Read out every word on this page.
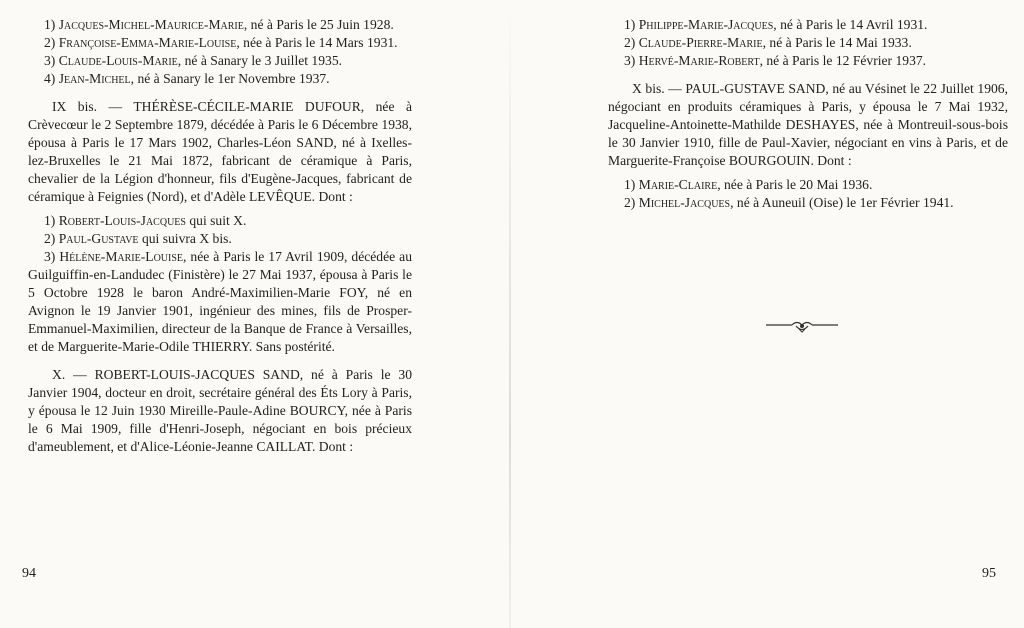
1) Jacques-Michel-Maurice-Marie, né à Paris le 25 Juin 1928.

2) Françoise-Emma-Marie-Louise, née à Paris le 14 Mars 1931.

3) Claude-Louis-Marie, né à Sanary le 3 Juillet 1935.

4) Jean-Michel, né à Sanary le 1er Novembre 1937.

IX bis. — THÉRÈSE-CÉCILE-MARIE DUFOUR, née à Crèvecœur le 2 Septembre 1879, décédée à Paris le 6 Décembre 1938, épousa à Paris le 17 Mars 1902, Charles-Léon SAND, né à Ixelles-lez-Bruxelles le 21 Mai 1872, fabricant de céramique à Paris, chevalier de la Légion d'honneur, fils d'Eugène-Jacques, fabricant de céramique à Feignies (Nord), et d'Adèle LEVÊQUE. Dont :

1) Robert-Louis-Jacques qui suit X.

2) Paul-Gustave qui suivra X bis.

3) Hélène-Marie-Louise, née à Paris le 17 Avril 1909, décédée au Guilguiffin-en-Landudec (Finistère) le 27 Mai 1937, épousa à Paris le 5 Octobre 1928 le baron André-Maximilien-Marie FOY, né en Avignon le 19 Janvier 1901, ingénieur des mines, fils de Prosper-Emmanuel-Maximilien, directeur de la Banque de France à Versailles, et de Marguerite-Marie-Odile THIERRY. Sans postérité.

X. — ROBERT-LOUIS-JACQUES SAND, né à Paris le 30 Janvier 1904, docteur en droit, secrétaire général des Éts Lory à Paris, y épousa le 12 Juin 1930 Mireille-Paule-Adine BOURCY, née à Paris le 6 Mai 1909, fille d'Henri-Joseph, négociant en bois précieux d'ameublement, et d'Alice-Léonie-Jeanne CAILLAT. Dont :

94

1) Philippe-Marie-Jacques, né à Paris le 14 Avril 1931.

2) Claude-Pierre-Marie, né à Paris le 14 Mai 1933.

3) Hervé-Marie-Robert, né à Paris le 12 Février 1937.

X bis. — PAUL-GUSTAVE SAND, né au Vésinet le 22 Juillet 1906, négociant en produits céramiques à Paris, y épousa le 7 Mai 1932, Jacqueline-Antoinette-Mathilde DESHAYES, née à Montreuil-sous-bois le 30 Janvier 1910, fille de Paul-Xavier, négociant en vins à Paris, et de Marguerite-Françoise BOURGOUIN. Dont :

1) Marie-Claire, née à Paris le 20 Mai 1936.

2) Michel-Jacques, né à Auneuil (Oise) le 1er Février 1941.

95
